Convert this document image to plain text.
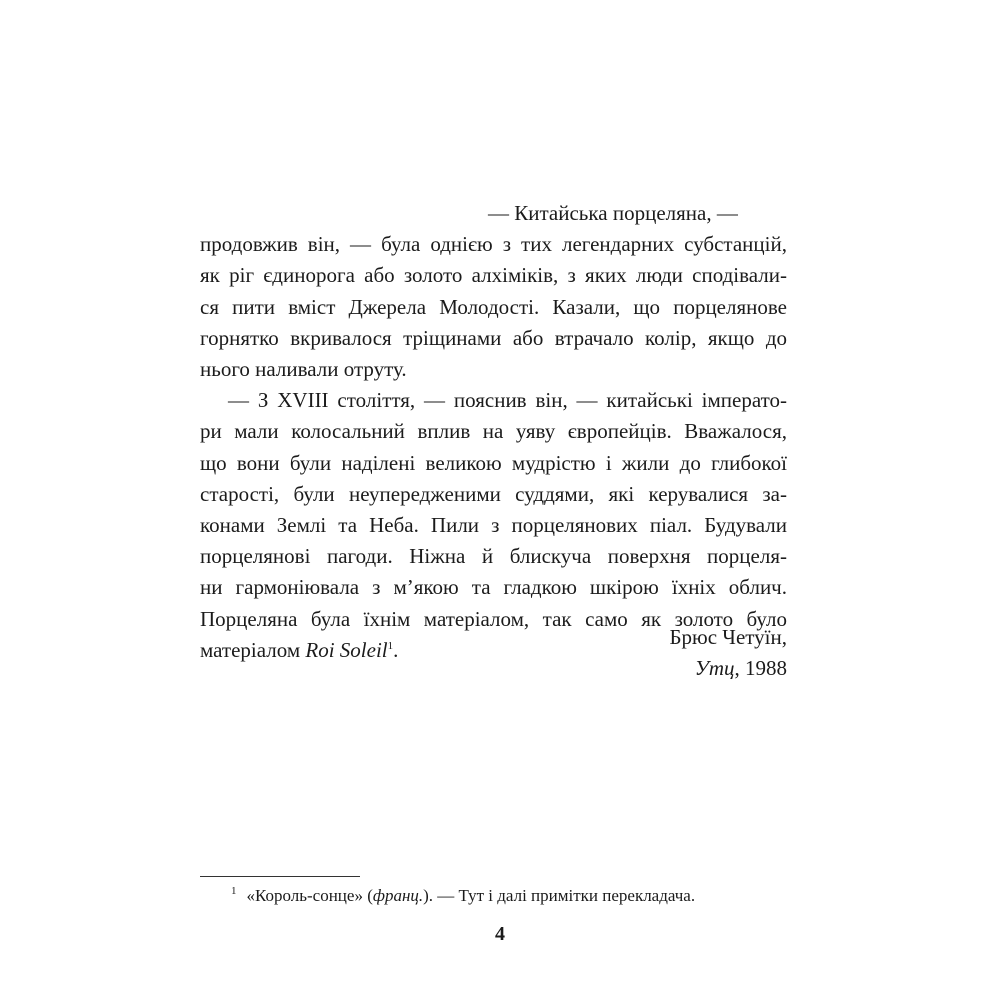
— Китайська порцеляна, —
продовжив він, — була однією з тих легендарних субстанцій,
як ріг єдинорога або золото алхіміків, з яких люди сподівали-
ся пити вміст Джерела Молодості. Казали, що порцелянове
горнятко вкривалося тріщинами або втрачало колір, якщо до
нього наливали отруту.

— З XVIII століття, — пояснив він, — китайські імперато-
ри мали колосальний вплив на уяву європейців. Вважалося,
що вони були наділені великою мудрістю і жили до глибокої
старості, були неупередженими суддями, які керувалися за-
конами Землі та Неба. Пили з порцелянових піал. Будували
порцелянові пагоди. Ніжна й блискуча поверхня порцеля-
ни гармоніювала з м’якою та гладкою шкірою їхніх облич.
Порцеляна була їхнім матеріалом, так само як золото було
матеріалом Roi Soleil$^1$.

Брюс Четуїн,
Утц, 1988
$^1$ «Король-сонце» (франц.). — Тут і далі примітки перекладача.
4
